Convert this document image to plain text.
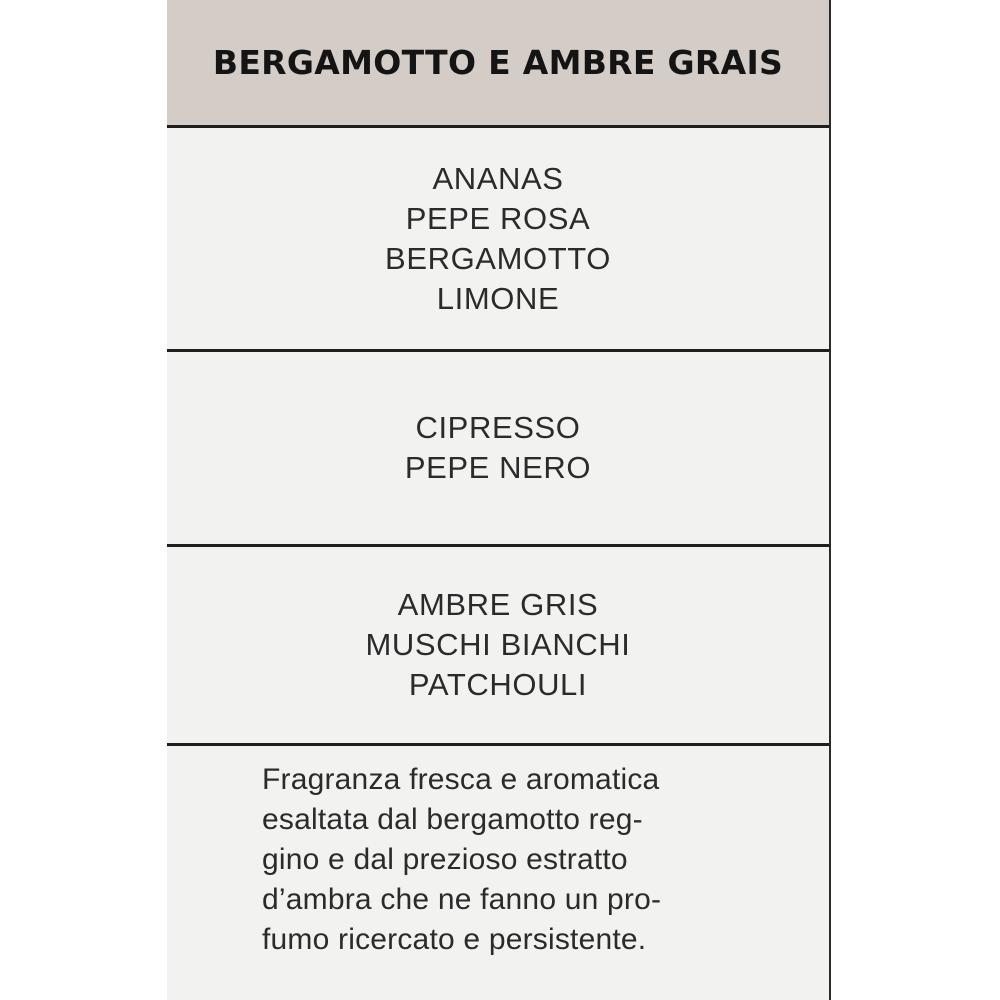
BERGAMOTTO E AMBRE GRAIS
ANANAS
PEPE ROSA
BERGAMOTTO
LIMONE
CIPRESSO
PEPE NERO
AMBRE GRIS
MUSCHI BIANCHI
PATCHOULI

Fragranza fresca e aromatica
esaltata dal bergamotto reg-
gino e dal prezioso estratto
d’ambra che ne fanno un pro-
fumo ricercato e persistente.
